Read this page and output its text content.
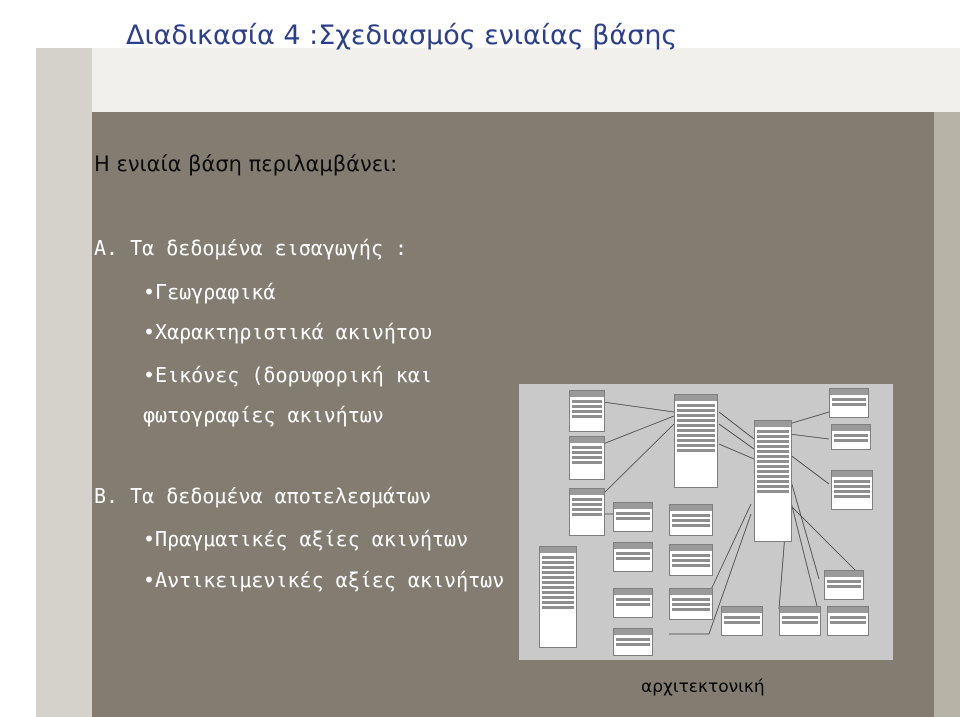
Διαδικασία 4 :Σχεδιασμός ενιαίας βάσης
Η ενιαία βάση περιλαμβάνει:
Α. Τα δεδομένα εισαγωγής :
•Γεωγραφικά
•Χαρακτηριστικά ακινήτου
•Εικόνες (δορυφορική και
φωτογραφίες ακινήτων
Β. Τα δεδομένα αποτελεσμάτων
•Πραγματικές αξίες ακινήτων
•Αντικειμενικές αξίες ακινήτων
αρχιτεκτονική
